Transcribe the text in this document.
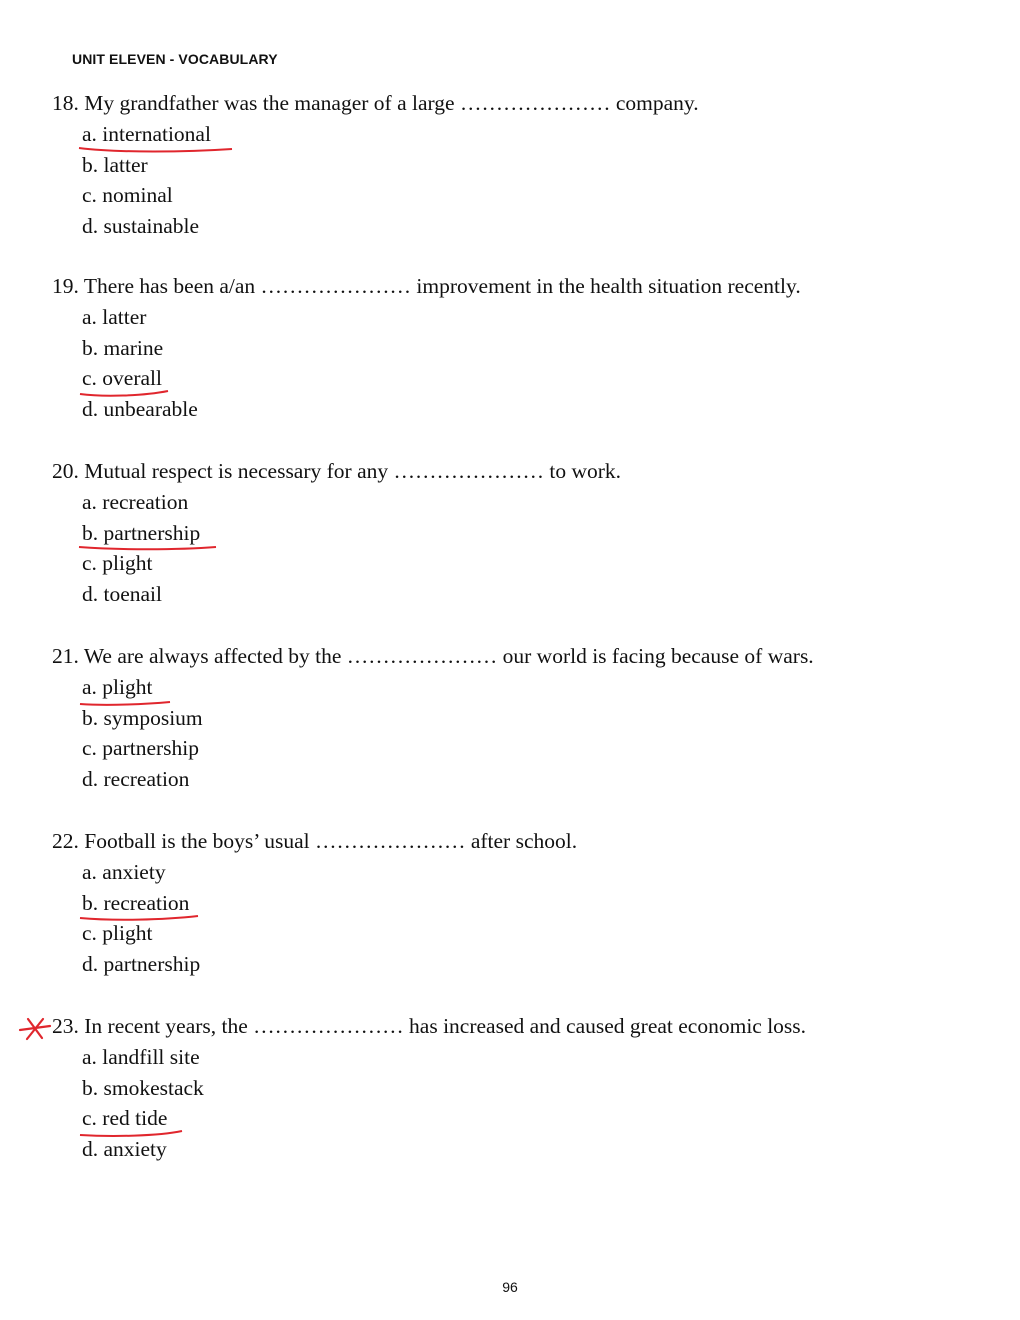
UNIT ELEVEN - VOCABULARY
18. My grandfather was the manager of a large ………………… company.
a. international
b. latter
c. nominal
d. sustainable
19. There has been a/an ………………… improvement in the health situation recently.
a. latter
b. marine
c. overall
d. unbearable
20. Mutual respect is necessary for any ………………… to work.
a. recreation
b. partnership
c. plight
d. toenail
21. We are always affected by the ………………… our world is facing because of wars.
a. plight
b. symposium
c. partnership
d. recreation
22. Football is the boys’ usual ………………… after school.
a. anxiety
b. recreation
c. plight
d. partnership
23. In recent years, the ………………… has increased and caused great economic loss.
a. landfill site
b. smokestack
c. red tide
d. anxiety
96
